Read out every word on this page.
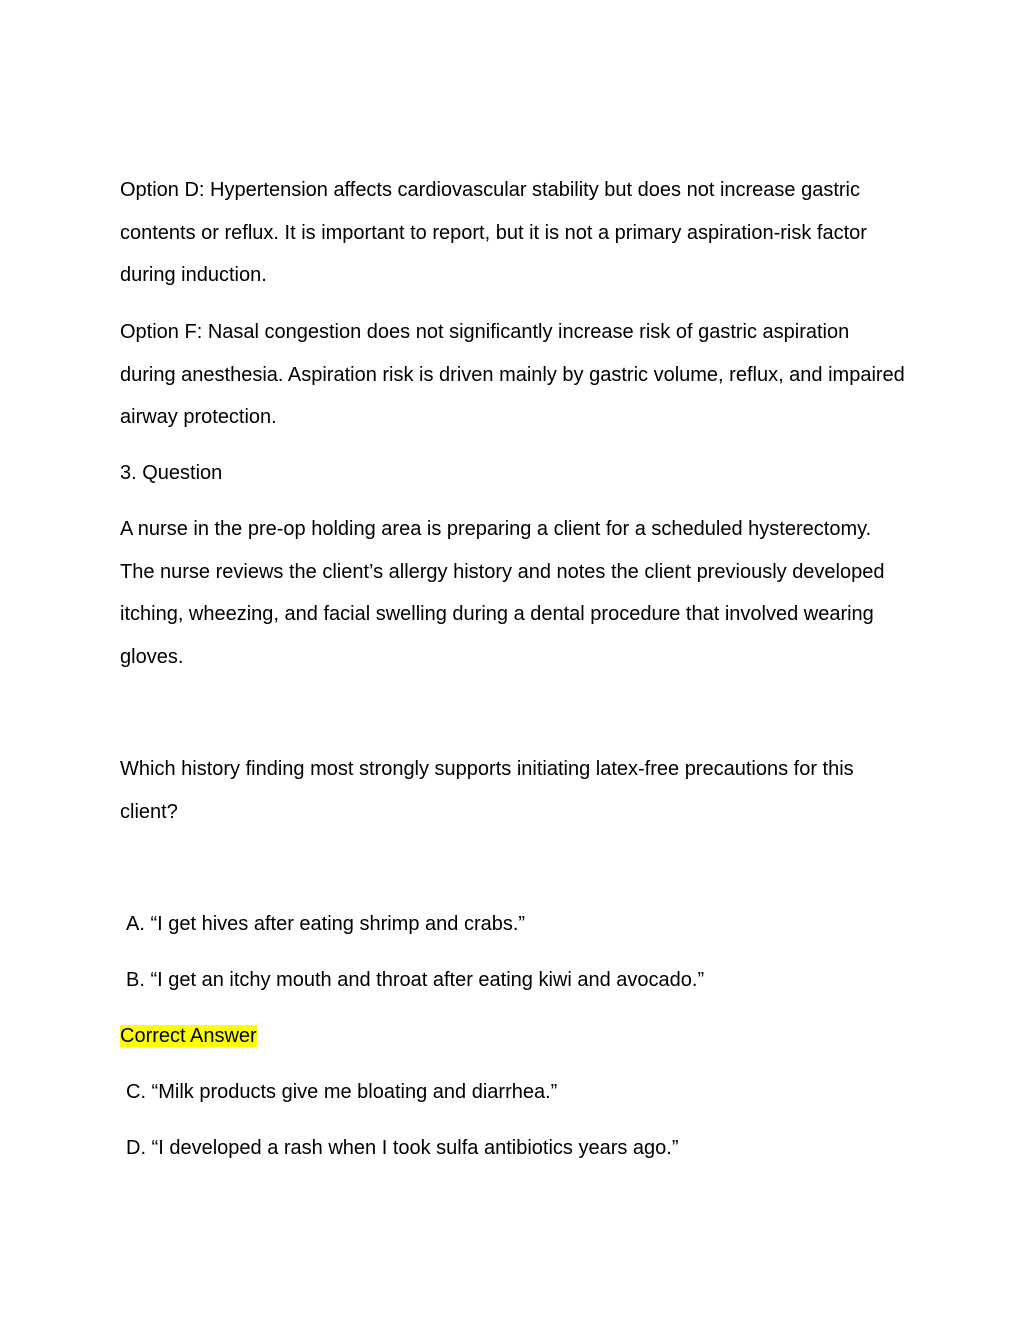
Option D: Hypertension affects cardiovascular stability but does not increase gastric contents or reflux. It is important to report, but it is not a primary aspiration-risk factor during induction.

Option F: Nasal congestion does not significantly increase risk of gastric aspiration during anesthesia. Aspiration risk is driven mainly by gastric volume, reflux, and impaired airway protection.

3. Question

A nurse in the pre-op holding area is preparing a client for a scheduled hysterectomy. The nurse reviews the client’s allergy history and notes the client previously developed itching, wheezing, and facial swelling during a dental procedure that involved wearing gloves.

Which history finding most strongly supports initiating latex-free precautions for this client?

A. “I get hives after eating shrimp and crabs.”

B. “I get an itchy mouth and throat after eating kiwi and avocado.”

Correct Answer

C. “Milk products give me bloating and diarrhea.”

D. “I developed a rash when I took sulfa antibiotics years ago.”
